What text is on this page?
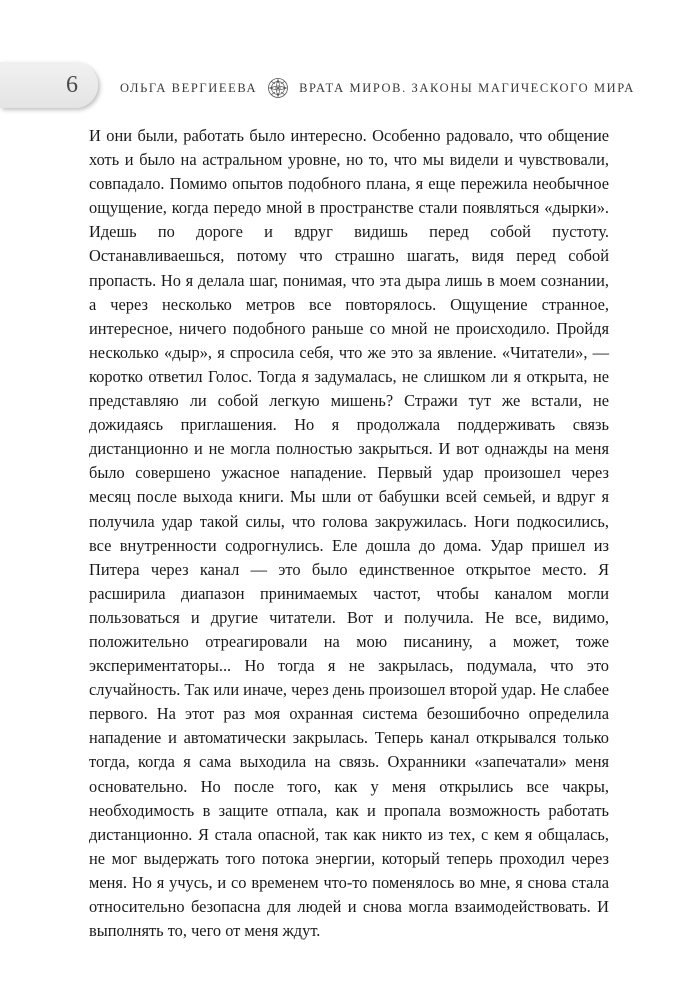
6	ОЛЬГА ВЕРГИЕЕВА	ВРАТА МИРОВ. ЗАКОНЫ МАГИЧЕСКОГО МИРА

И они были, работать было интересно. Особенно радовало, что общение хоть и было на астральном уровне, но то, что мы видели и чувствовали, совпадало. Помимо опытов подобного плана, я еще пережила необычное ощущение, когда передо мной в пространстве стали появляться «дырки». Идешь по дороге и вдруг видишь перед собой пустоту. Останавливаешься, потому что страшно шагать, видя перед собой пропасть. Но я делала шаг, понимая, что эта дыра лишь в моем сознании, а через несколько метров все повторялось. Ощущение странное, интересное, ничего подобного раньше со мной не происходило. Пройдя несколько «дыр», я спросила себя, что же это за явление. «Читатели», — коротко ответил Голос. Тогда я задумалась, не слишком ли я открыта, не представляю ли собой легкую мишень? Стражи тут же встали, не дожидаясь приглашения. Но я продолжала поддерживать связь дистанционно и не могла полностью закрыться. И вот однажды на меня было совершено ужасное нападение. Первый удар произошел через месяц после выхода книги. Мы шли от бабушки всей семьей, и вдруг я получила удар такой силы, что голова закружилась. Ноги подкосились, все внутренности содрогнулись. Еле дошла до дома. Удар пришел из Питера через канал — это было единственное открытое место. Я расширила диапазон принимаемых частот, чтобы каналом могли пользоваться и другие читатели. Вот и получила. Не все, видимо, положительно отреагировали на мою писанину, а может, тоже экспериментаторы... Но тогда я не закрылась, подумала, что это случайность. Так или иначе, через день произошел второй удар. Не слабее первого. На этот раз моя охранная система безошибочно определила нападение и автоматически закрылась. Теперь канал открывался только тогда, когда я сама выходила на связь. Охранники «запечатали» меня основательно. Но после того, как у меня открылись все чакры, необходимость в защите отпала, как и пропала возможность работать дистанционно. Я стала опасной, так как никто из тех, с кем я общалась, не мог выдержать того потока энергии, который теперь проходил через меня. Но я учусь, и со временем что-то поменялось во мне, я снова стала относительно безопасна для людей и снова могла взаимодействовать. И выполнять то, чего от меня ждут.
